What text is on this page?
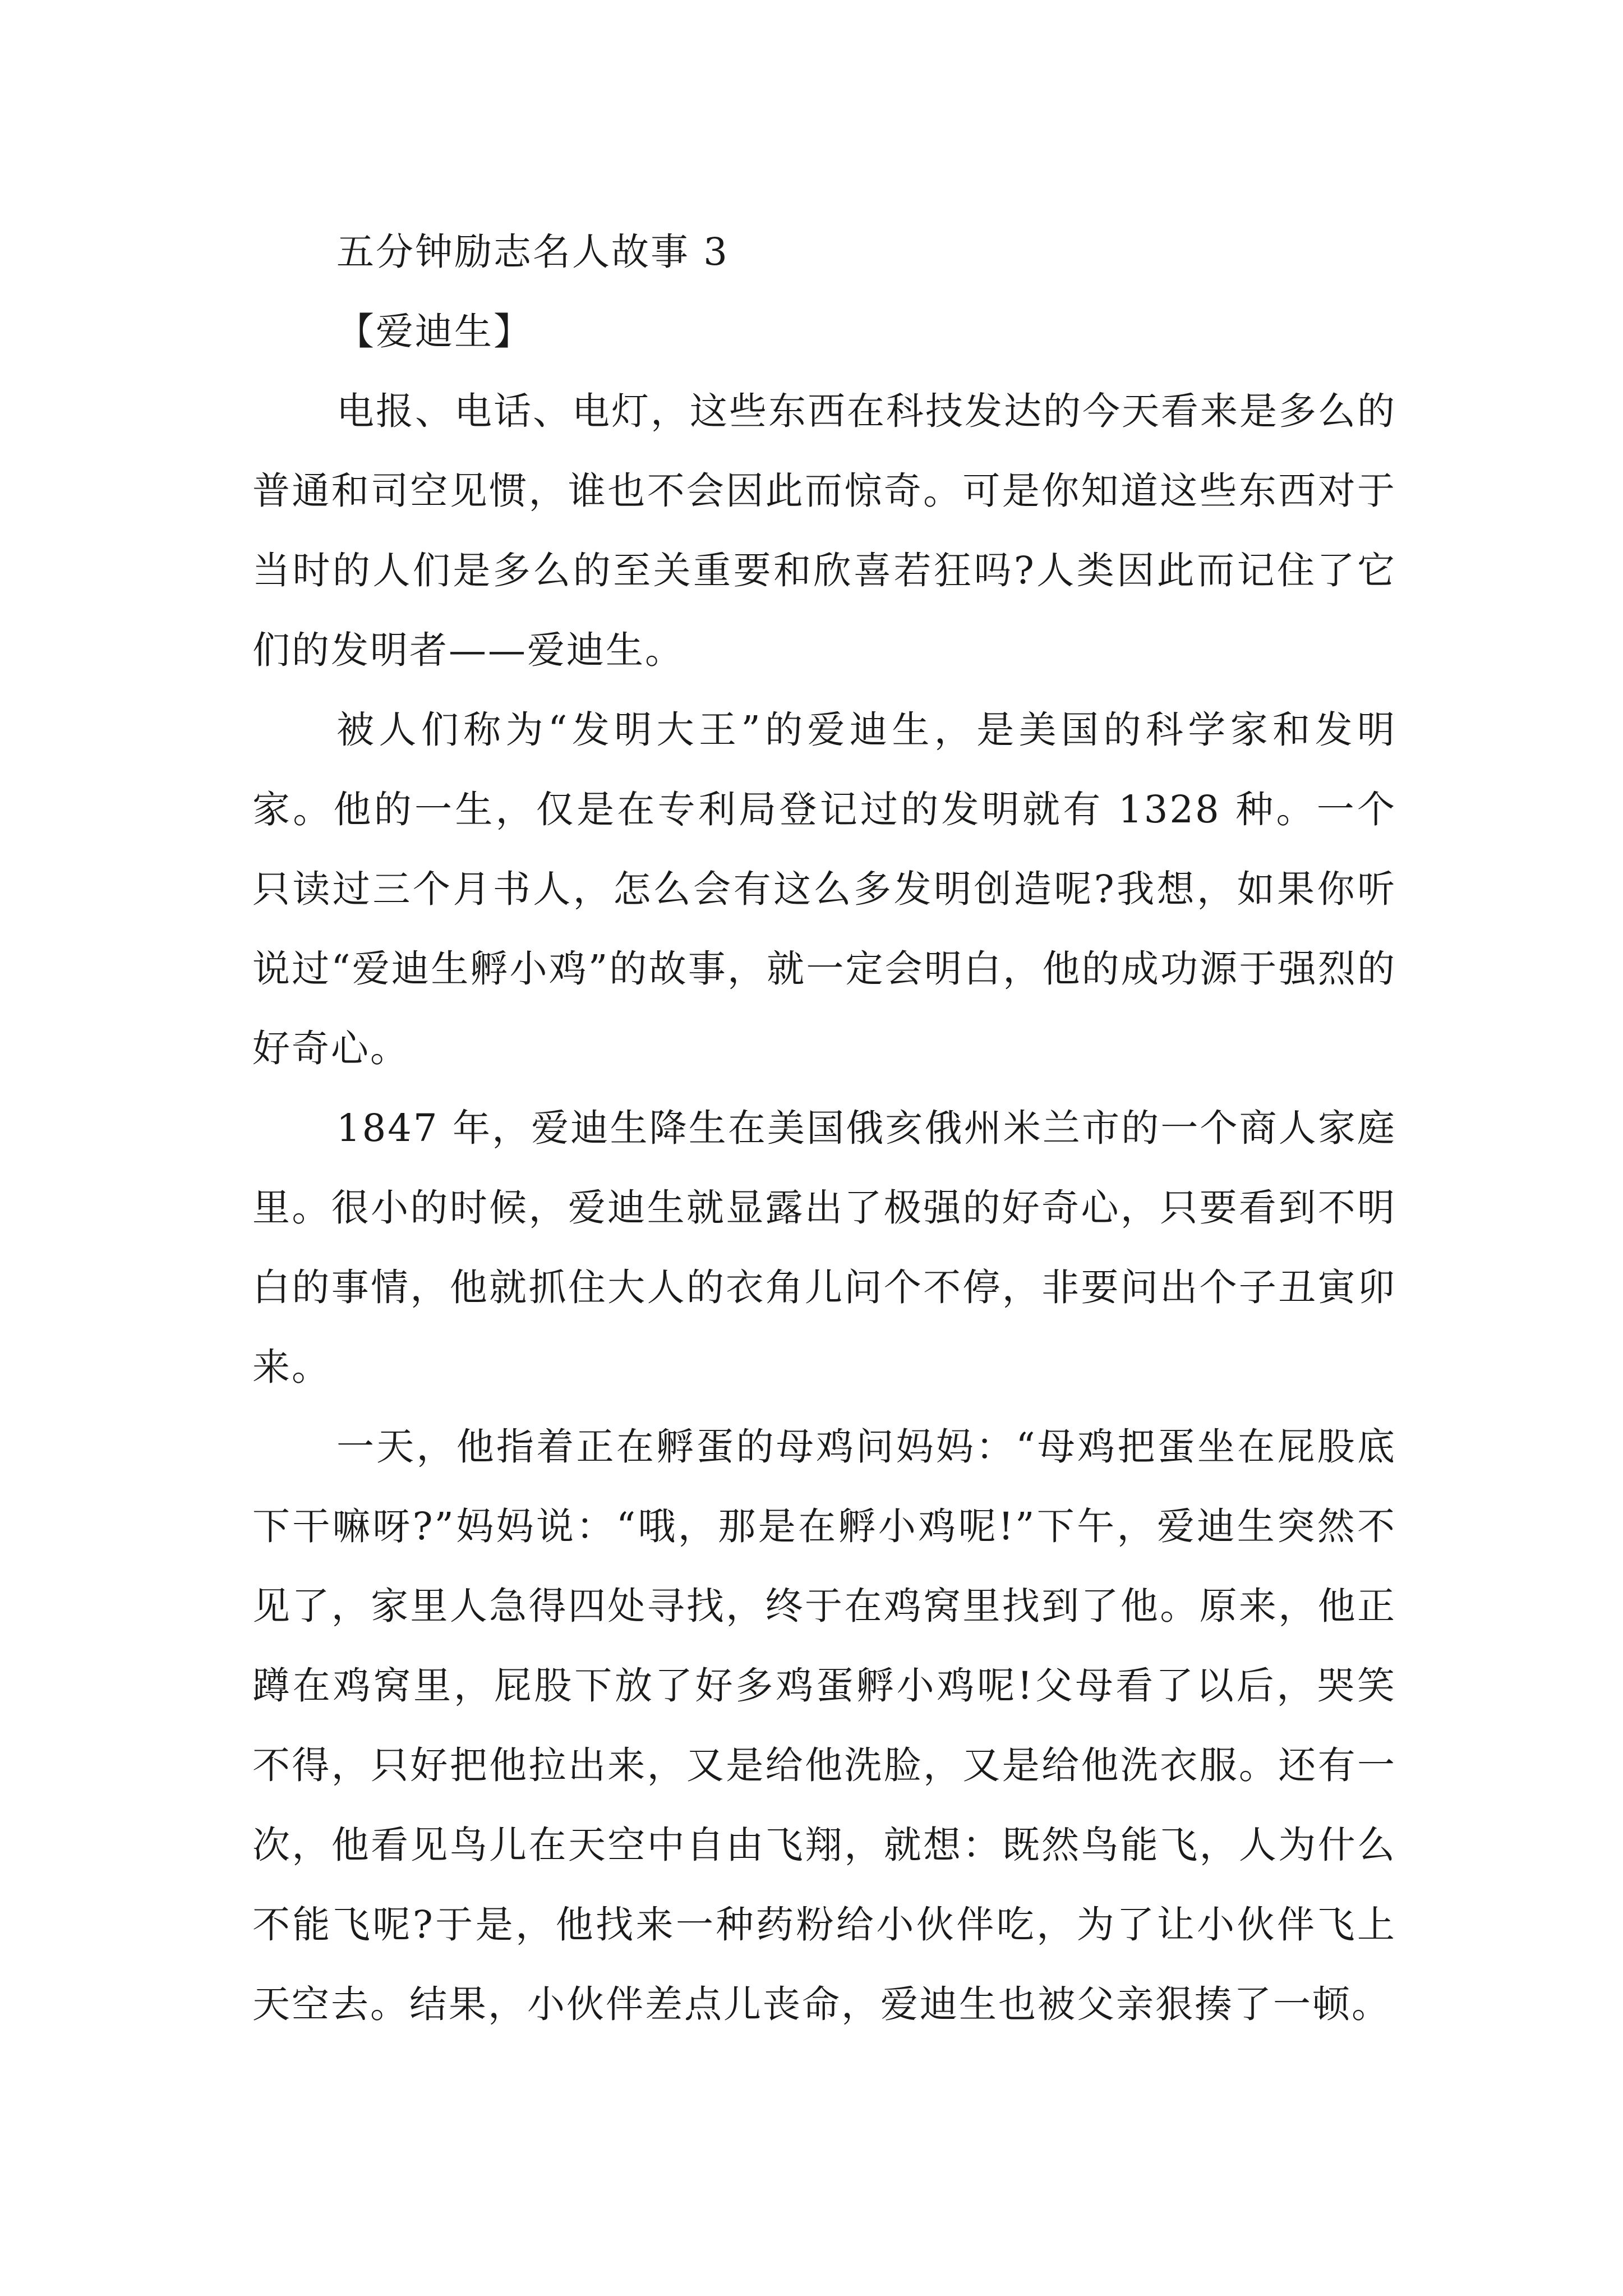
五分钟励志名人故事 3

【爱迪生】

电报、电话、电灯，这些东西在科技发达的今天看来是多么的普通和司空见惯，谁也不会因此而惊奇。可是你知道这些东西对于当时的人们是多么的至关重要和欣喜若狂吗?人类因此而记住了它们的发明者——爱迪生。

被人们称为“发明大王”的爱迪生，是美国的科学家和发明家。他的一生，仅是在专利局登记过的发明就有 1328 种。一个只读过三个月书人，怎么会有这么多发明创造呢?我想，如果你听说过“爱迪生孵小鸡”的故事，就一定会明白，他的成功源于强烈的好奇心。

1847 年，爱迪生降生在美国俄亥俄州米兰市的一个商人家庭里。很小的时候，爱迪生就显露出了极强的好奇心，只要看到不明白的事情，他就抓住大人的衣角儿问个不停，非要问出个子丑寅卯来。

一天，他指着正在孵蛋的母鸡问妈妈：“母鸡把蛋坐在屁股底下干嘛呀?”妈妈说：“哦，那是在孵小鸡呢!”下午，爱迪生突然不见了，家里人急得四处寻找，终于在鸡窝里找到了他。原来，他正蹲在鸡窝里，屁股下放了好多鸡蛋孵小鸡呢!父母看了以后，哭笑不得，只好把他拉出来，又是给他洗脸，又是给他洗衣服。还有一次，他看见鸟儿在天空中自由飞翔，就想：既然鸟能飞，人为什么不能飞呢?于是，他找来一种药粉给小伙伴吃，为了让小伙伴飞上天空去。结果，小伙伴差点儿丧命，爱迪生也被父亲狠揍了一顿。
